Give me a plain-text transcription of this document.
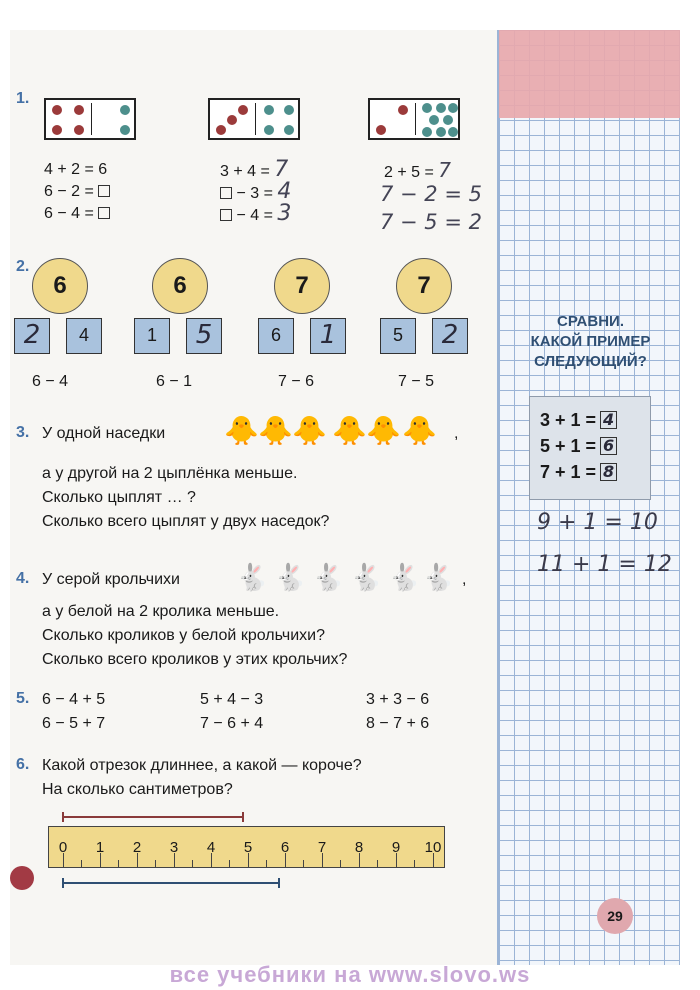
СРАВНИ.
КАКОЙ ПРИМЕР
СЛЕДУЮЩИЙ?
3 + 1 = 4
5 + 1 = 6
7 + 1 = 8
9 + 1 = 10
11 + 1 = 12
29
1.
4 + 2 = 6
6 − 2 =
6 − 4 =
3 + 4 = 7
− 3 = 4
− 4 = 3
2 + 5 = 7
7 − 2 = 5
7 − 5 = 2
2.
6	6	7	7
2	4	1	5	6	1	5	2
6 − 4	6 − 1	7 − 6	7 − 5
3. У одной наседки 🐥 🐥 🐥 🐥 🐥 🐥 ,
а у другой на 2 цыплёнка меньше.
Сколько цыплят … ?
Сколько всего цыплят у двух наседок?
4. У серой крольчихи 🐇 🐇 🐇 🐇 🐇 🐇 ,
а у белой на 2 кролика меньше.
Сколько кроликов у белой крольчихи?
Сколько всего кроликов у этих крольчих?
5. 6 − 4 + 5	5 + 4 − 3	3 + 3 − 6
6 − 5 + 7	7 − 6 + 4	8 − 7 + 6
6. Какой отрезок длиннее, а какой — короче?
На сколько сантиметров?
0	1	2	3	4	5	6	7	8	9	10
все учебники на www.slovo.ws
